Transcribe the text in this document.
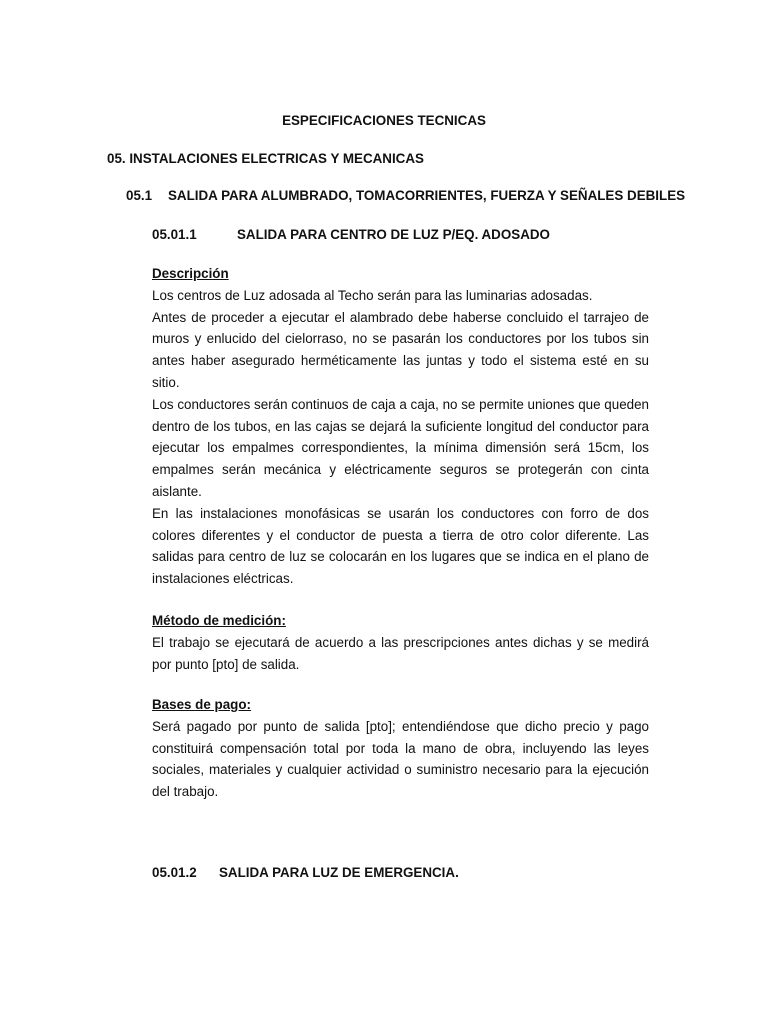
ESPECIFICACIONES TECNICAS
05. INSTALACIONES ELECTRICAS Y MECANICAS
05.1 SALIDA PARA ALUMBRADO, TOMACORRIENTES, FUERZA Y SEÑALES DEBILES
05.01.1	SALIDA PARA CENTRO DE LUZ P/EQ. ADOSADO

Descripción

Los centros de Luz adosada al Techo serán para las luminarias adosadas.

Antes de proceder a ejecutar el alambrado debe haberse concluido el tarrajeo de muros y enlucido del cielorraso, no se pasarán los conductores por los tubos sin antes haber asegurado herméticamente las juntas y todo el sistema esté en su sitio.

Los conductores serán continuos de caja a caja, no se permite uniones que queden dentro de los tubos, en las cajas se dejará la suficiente longitud del conductor para ejecutar los empalmes correspondientes, la mínima dimensión será 15cm, los empalmes serán mecánica y eléctricamente seguros se protegerán con cinta aislante.

En las instalaciones monofásicas se usarán los conductores con forro de dos colores diferentes y el conductor de puesta a tierra de otro color diferente. Las salidas para centro de luz se colocarán en los lugares que se indica en el plano de instalaciones eléctricas.

Método de medición:

El trabajo se ejecutará de acuerdo a las prescripciones antes dichas y se medirá por punto [pto] de salida.

Bases de pago:

Será pagado por punto de salida [pto]; entendiéndose que dicho precio y pago constituirá compensación total por toda la mano de obra, incluyendo las leyes sociales, materiales y cualquier actividad o suministro necesario para la ejecución del trabajo.

05.01.2 SALIDA PARA LUZ DE EMERGENCIA.
